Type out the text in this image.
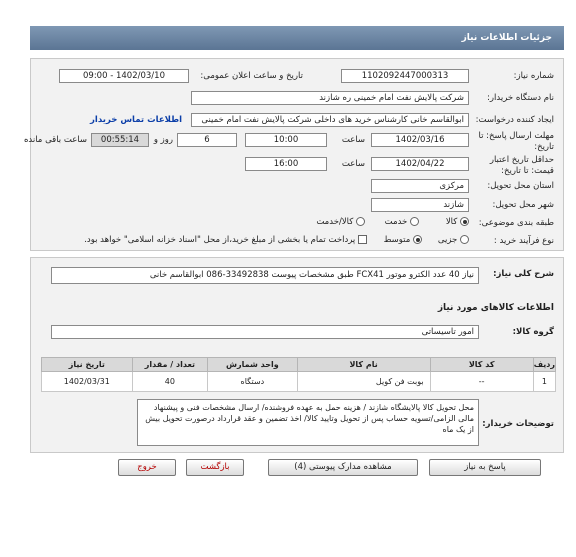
جزئیات اطلاعات نیاز
شماره نیاز:
1102092447000313
تاریخ و ساعت اعلان عمومی:
1402/03/10 - 09:00
نام دستگاه خریدار:
شرکت پالایش نفت امام خمینی ره شازند
ایجاد کننده درخواست:
ابوالقاسم خانی کارشناس خرید های داخلی شرکت پالایش نفت امام خمینی
اطلاعات تماس خریدار
مهلت ارسال پاسخ: تا تاریخ:
1402/03/16
ساعت
10:00
6
روز و
00:55:14
ساعت باقی مانده
حداقل تاریخ اعتبار قیمت: تا تاریخ:
1402/04/22
ساعت
16:00
استان محل تحویل:
مرکزی
شهر محل تحویل:
شازند
طبقه بندی موضوعی:
کالا
خدمت
کالا/خدمت
نوع فرآیند خرید :
جزیی
متوسط
پرداخت تمام یا بخشی از مبلغ خرید،از محل "اسناد خزانه اسلامی" خواهد بود.
شرح کلی نیاز:
نیاز 40 عدد الکترو موتور FCX41 طبق مشخصات پیوست 33492838-086 ابوالقاسم خانی
اطلاعات کالاهای مورد نیاز
گروه کالا:
امور تاسیساتی
ردیف	کد کالا	نام کالا	واحد شمارش	تعداد / مقدار	تاریخ نیاز
1	--	بوبت فن کویل	دستگاه	40	1402/03/31
توضیحات خریدار:
محل تحویل کالا پالایشگاه شازند / هزینه حمل به عهده فروشنده/ ارسال مشخصات فنی و پیشنهاد مالی الزامی/تسویه حساب پس از تحویل وتایید کالا/ اخذ تضمین و عقد قرارداد درصورت تحویل بیش از یک ماه
پاسخ به نیاز
مشاهده مدارک پیوستی (4)
بازگشت
خروج
